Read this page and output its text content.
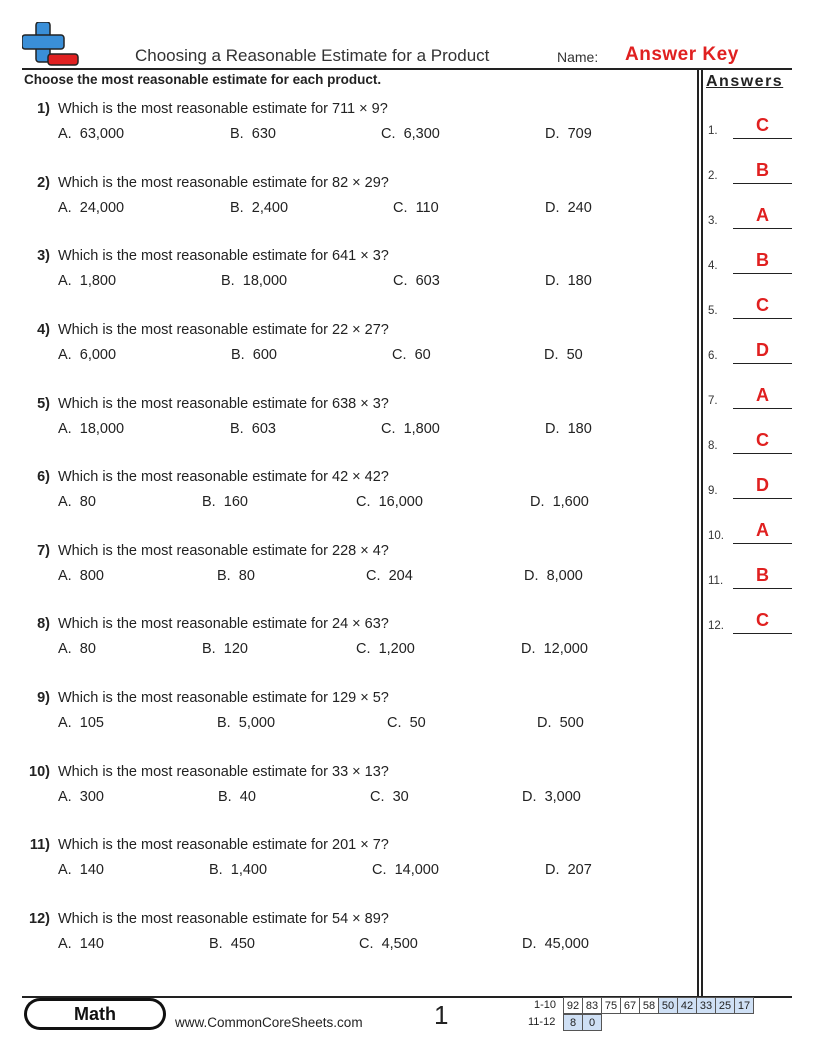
Choosing a Reasonable Estimate for a Product	Name: Answer Key
Choose the most reasonable estimate for each product.	Answers
1) Which is the most reasonable estimate for 711 × 9?
A. 63,000	B. 630	C. 6,300	D. 709
2) Which is the most reasonable estimate for 82 × 29?
A. 24,000	B. 2,400	C. 110	D. 240
3) Which is the most reasonable estimate for 641 × 3?
A. 1,800	B. 18,000	C. 603	D. 180
4) Which is the most reasonable estimate for 22 × 27?
A. 6,000	B. 600	C. 60	D. 50
5) Which is the most reasonable estimate for 638 × 3?
A. 18,000	B. 603	C. 1,800	D. 180
6) Which is the most reasonable estimate for 42 × 42?
A. 80	B. 160	C. 16,000	D. 1,600
7) Which is the most reasonable estimate for 228 × 4?
A. 800	B. 80	C. 204	D. 8,000
8) Which is the most reasonable estimate for 24 × 63?
A. 80	B. 120	C. 1,200	D. 12,000
9) Which is the most reasonable estimate for 129 × 5?
A. 105	B. 5,000	C. 50	D. 500
10) Which is the most reasonable estimate for 33 × 13?
A. 300	B. 40	C. 30	D. 3,000
11) Which is the most reasonable estimate for 201 × 7?
A. 140	B. 1,400	C. 14,000	D. 207
12) Which is the most reasonable estimate for 54 × 89?
A. 140	B. 450	C. 4,500	D. 45,000
1.	C
2.	B
3.	A
4.	B
5.	C
6.	D
7.	A
8.	C
9.	D
10.	A
11.	B
12.	C
Math	www.CommonCoreSheets.com	1	1-10 92	83	75	67	58	50	42	33	25	17
11-12 8	0
